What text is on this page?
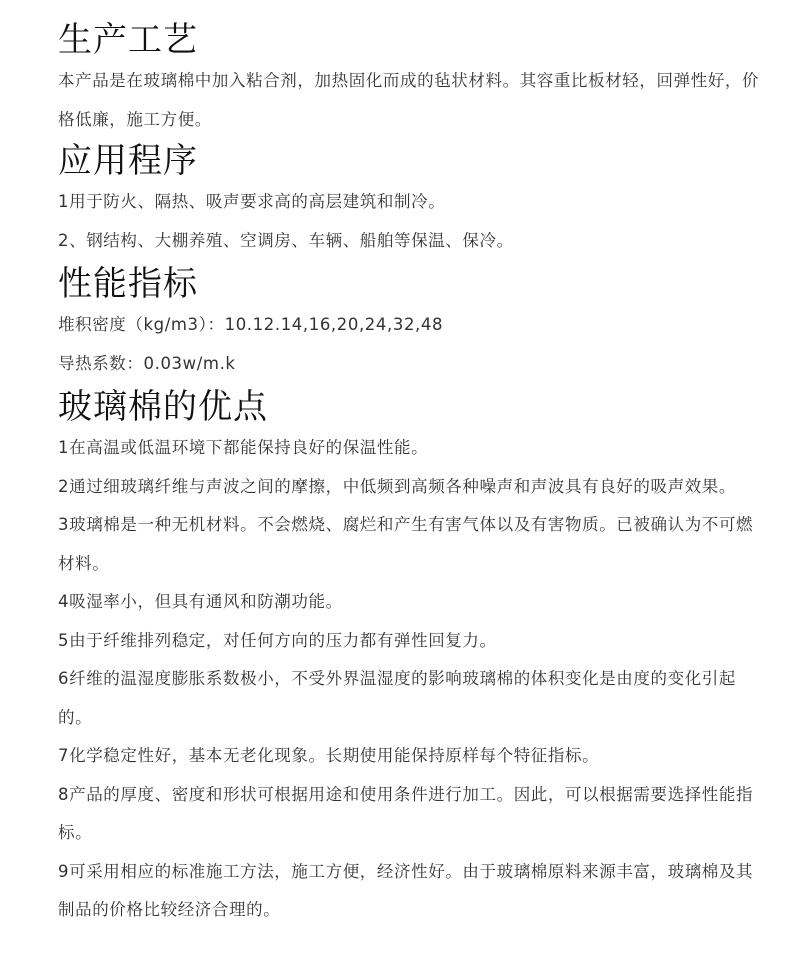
生产工艺

本产品是在玻璃棉中加入粘合剂，加热固化而成的毡状材料。其容重比板材轻，回弹性好，价格低廉，施工方便。

应用程序

1用于防火、隔热、吸声要求高的高层建筑和制冷。

2、钢结构、大棚养殖、空调房、车辆、船舶等保温、保冷。

性能指标

堆积密度（kg/m3）：10.12.14,16,20,24,32,48

导热系数：0.03w/m.k

玻璃棉的优点

1在高温或低温环境下都能保持良好的保温性能。

2通过细玻璃纤维与声波之间的摩擦，中低频到高频各种噪声和声波具有良好的吸声效果。

3玻璃棉是一种无机材料。不会燃烧、腐烂和产生有害气体以及有害物质。已被确认为不可燃材料。

4吸湿率小，但具有通风和防潮功能。

5由于纤维排列稳定，对任何方向的压力都有弹性回复力。

6纤维的温湿度膨胀系数极小，不受外界温湿度的影响玻璃棉的体积变化是由度的变化引起的。

7化学稳定性好，基本无老化现象。长期使用能保持原样每个特征指标。

8产品的厚度、密度和形状可根据用途和使用条件进行加工。因此，可以根据需要选择性能指标。

9可采用相应的标准施工方法，施工方便，经济性好。由于玻璃棉原料来源丰富，玻璃棉及其制品的价格比较经济合理的。
